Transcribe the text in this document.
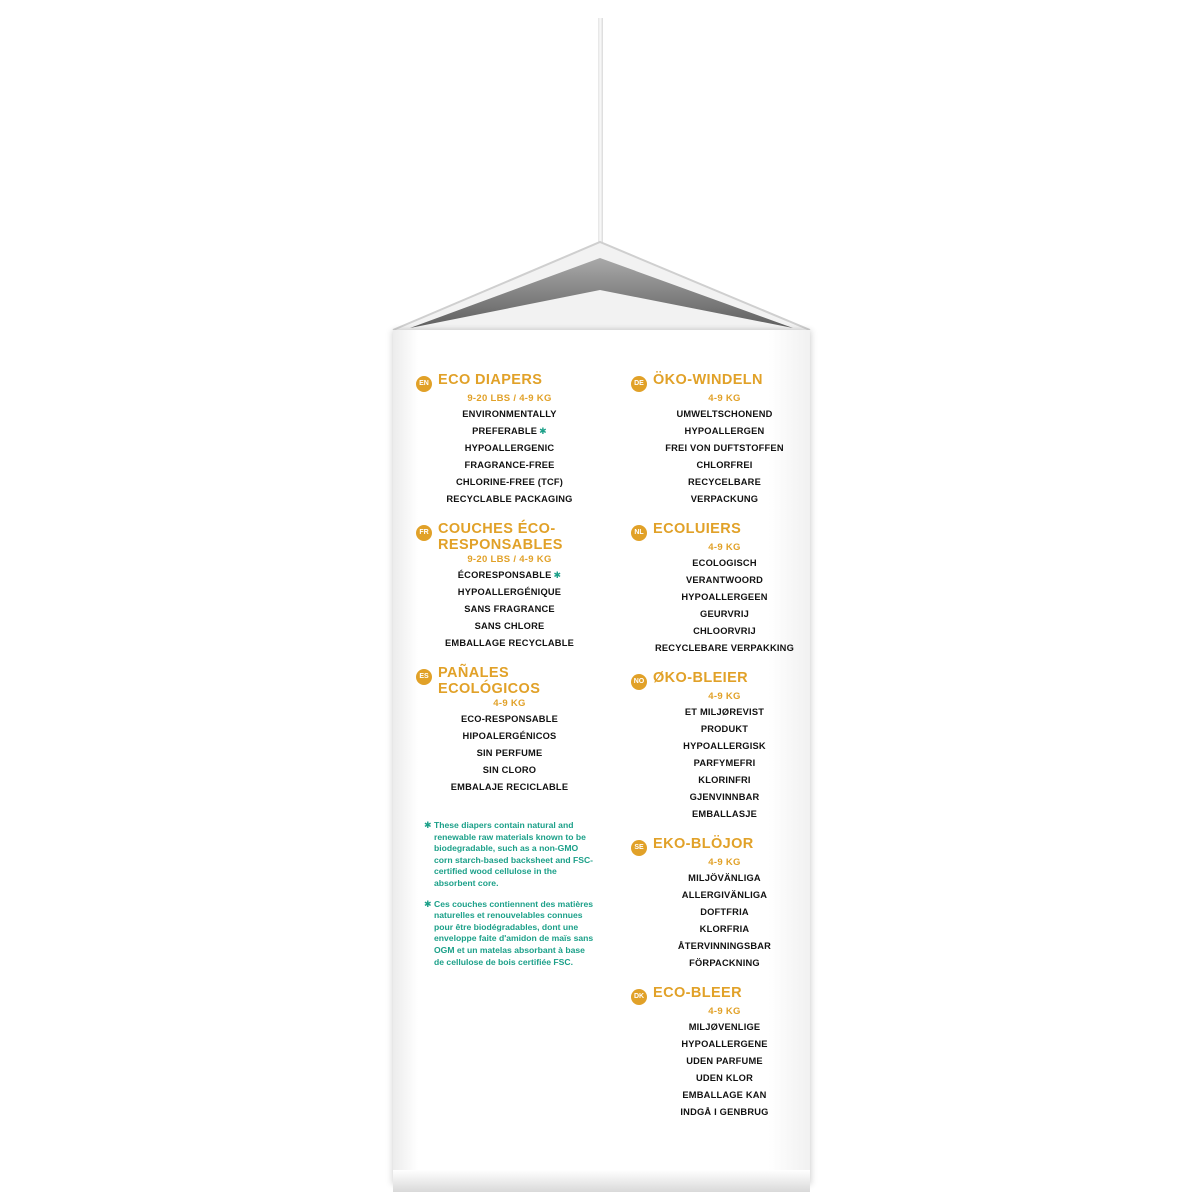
EN ECO DIAPERS
9-20 LBS / 4-9 KG
ENVIRONMENTALLY
PREFERABLE ✱
HYPOALLERGENIC
FRAGRANCE-FREE
CHLORINE-FREE (TCF)
RECYCLABLE PACKAGING
FR COUCHES ÉCO-RESPONSABLES
9-20 LBS / 4-9 KG
ÉCORESPONSABLE ✱
HYPOALLERGÉNIQUE
SANS FRAGRANCE
SANS CHLORE
EMBALLAGE RECYCLABLE
ES PAÑALES ECOLÓGICOS
4-9 KG
ECO-RESPONSABLE
HIPOALERGÉNICOS
SIN PERFUME
SIN CLORO
EMBALAJE RECICLABLE

✱ These diapers contain natural and renewable raw materials known to be biodegradable, such as a non-GMO corn starch-based backsheet and FSC-certified wood cellulose in the absorbent core.

✱ Ces couches contiennent des matières naturelles et renouvelables connues pour être biodégradables, dont une enveloppe faite d'amidon de maïs sans OGM et un matelas absorbant à base de cellulose de bois certifiée FSC.

DE ÖKO-WINDELN
4-9 KG
UMWELTSCHONEND
HYPOALLERGEN
FREI VON DUFTSTOFFEN
CHLORFREI
RECYCELBARE
VERPACKUNG
NL ECOLUIERS
4-9 KG
ECOLOGISCH
VERANTWOORD
HYPOALLERGEEN
GEURVRIJ
CHLOORVRIJ
RECYCLEBARE VERPAKKING
NO ØKO-BLEIER
4-9 KG
ET MILJØREVIST
PRODUKT
HYPOALLERGISK
PARFYMEFRI
KLORINFRI
GJENVINNBAR
EMBALLASJE
SE EKO-BLÖJOR
4-9 KG
MILJÖVÄNLIGA
ALLERGIVÄNLIGA
DOFTFRIA
KLORFRIA
ÅTERVINNINGSBAR
FÖRPACKNING
DK ECO-BLEER
4-9 KG
MILJØVENLIGE
HYPOALLERGENE
UDEN PARFUME
UDEN KLOR
EMBALLAGE KAN
INDGÅ I GENBRUG
